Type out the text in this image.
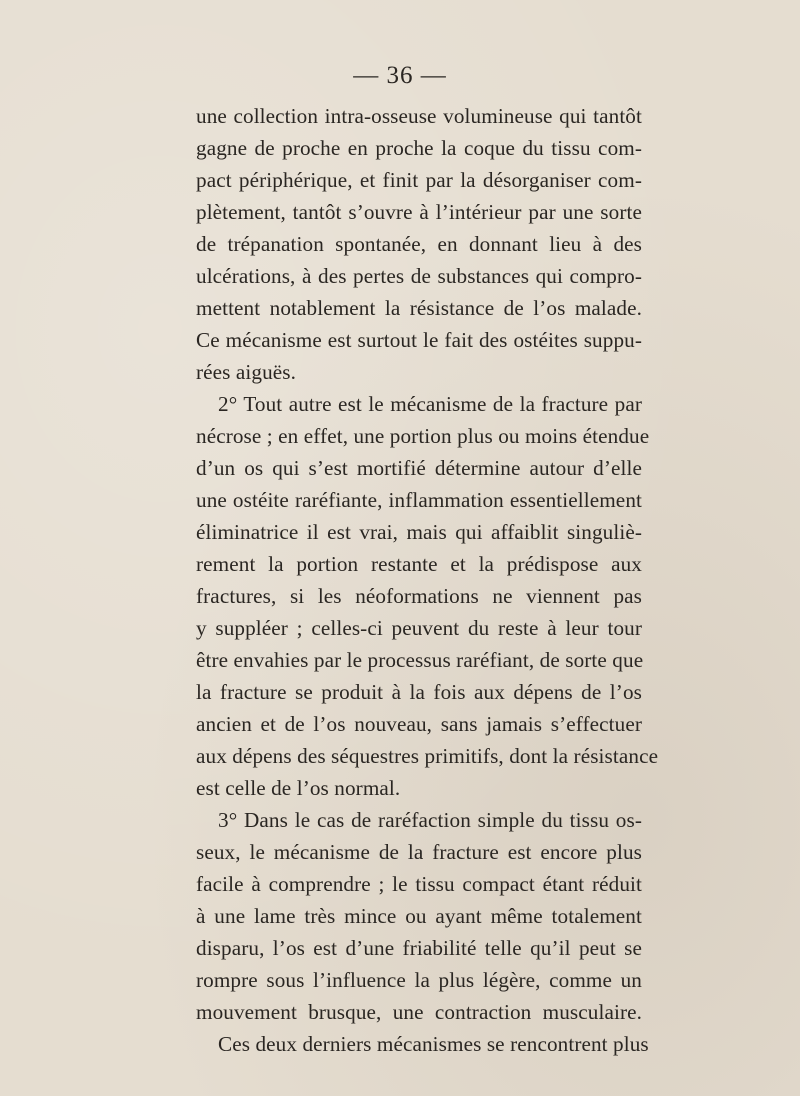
— 36 —
une collection intra-osseuse volumineuse qui tantôt
gagne de proche en proche la coque du tissu com-
pact périphérique, et finit par la désorganiser com-
plètement, tantôt s’ouvre à l’intérieur par une sorte
de trépanation spontanée, en donnant lieu à des
ulcérations, à des pertes de substances qui compro-
mettent notablement la résistance de l’os malade.
Ce mécanisme est surtout le fait des ostéites suppu-
rées aiguës.
2° Tout autre est le mécanisme de la fracture par
nécrose ; en effet, une portion plus ou moins étendue
d’un os qui s’est mortifié détermine autour d’elle
une ostéite raréfiante, inflammation essentiellement
éliminatrice il est vrai, mais qui affaiblit singuliè-
rement la portion restante et la prédispose aux
fractures, si les néoformations ne viennent pas
y suppléer ; celles-ci peuvent du reste à leur tour
être envahies par le processus raréfiant, de sorte que
la fracture se produit à la fois aux dépens de l’os
ancien et de l’os nouveau, sans jamais s’effectuer
aux dépens des séquestres primitifs, dont la résistance
est celle de l’os normal.
3° Dans le cas de raréfaction simple du tissu os-
seux, le mécanisme de la fracture est encore plus
facile à comprendre ; le tissu compact étant réduit
à une lame très mince ou ayant même totalement
disparu, l’os est d’une friabilité telle qu’il peut se
rompre sous l’influence la plus légère, comme un
mouvement brusque, une contraction musculaire.
Ces deux derniers mécanismes se rencontrent plus
